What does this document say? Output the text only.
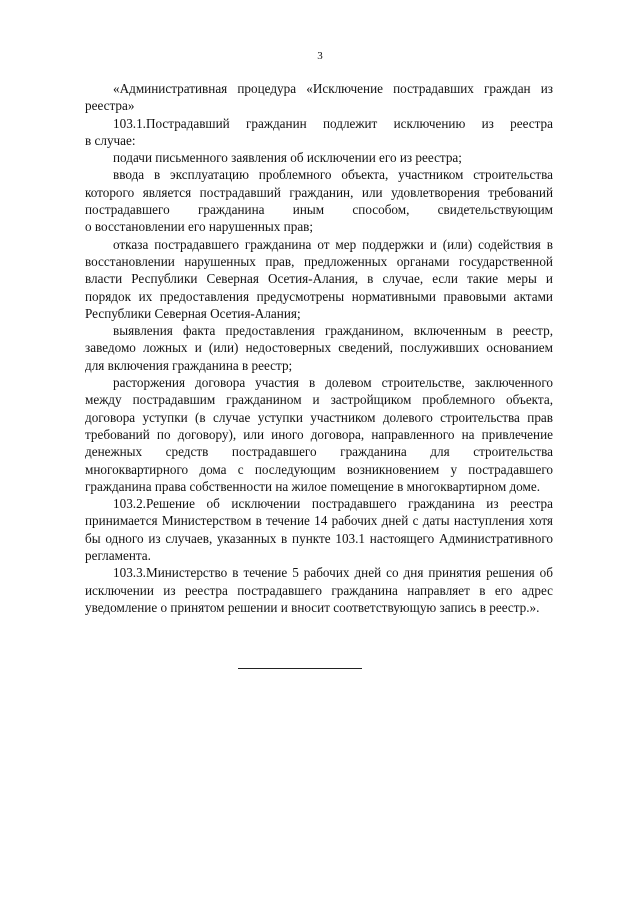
3
«Административная процедура «Исключение пострадавших граждан из
реестра»
103.1.Пострадавший гражданин подлежит исключению из реестра
в случае:
подачи письменного заявления об исключении его из реестра;
ввода в эксплуатацию проблемного объекта, участником строительства
которого является пострадавший гражданин, или удовлетворения требований
пострадавшего гражданина иным способом, свидетельствующим
о восстановлении его нарушенных прав;
отказа пострадавшего гражданина от мер поддержки и (или) содействия в
восстановлении нарушенных прав, предложенных органами государственной
власти Республики Северная Осетия-Алания, в случае, если такие меры и
порядок их предоставления предусмотрены нормативными правовыми актами
Республики Северная Осетия-Алания;
выявления факта предоставления гражданином, включенным в реестр,
заведомо ложных и (или) недостоверных сведений, послуживших основанием
для включения гражданина в реестр;
расторжения договора участия в долевом строительстве, заключенного
между пострадавшим гражданином и застройщиком проблемного объекта,
договора уступки (в случае уступки участником долевого строительства прав
требований по договору), или иного договора, направленного на привлечение
денежных средств пострадавшего гражданина для строительства
многоквартирного дома с последующим возникновением у пострадавшего
гражданина права собственности на жилое помещение в многоквартирном доме.
103.2.Решение об исключении пострадавшего гражданина из реестра
принимается Министерством в течение 14 рабочих дней с даты наступления хотя
бы одного из случаев, указанных в пункте 103.1 настоящего Административного
регламента.
103.3.Министерство в течение 5 рабочих дней со дня принятия решения об
исключении из реестра пострадавшего гражданина направляет в его адрес
уведомление о принятом решении и вносит соответствующую запись в реестр.».
